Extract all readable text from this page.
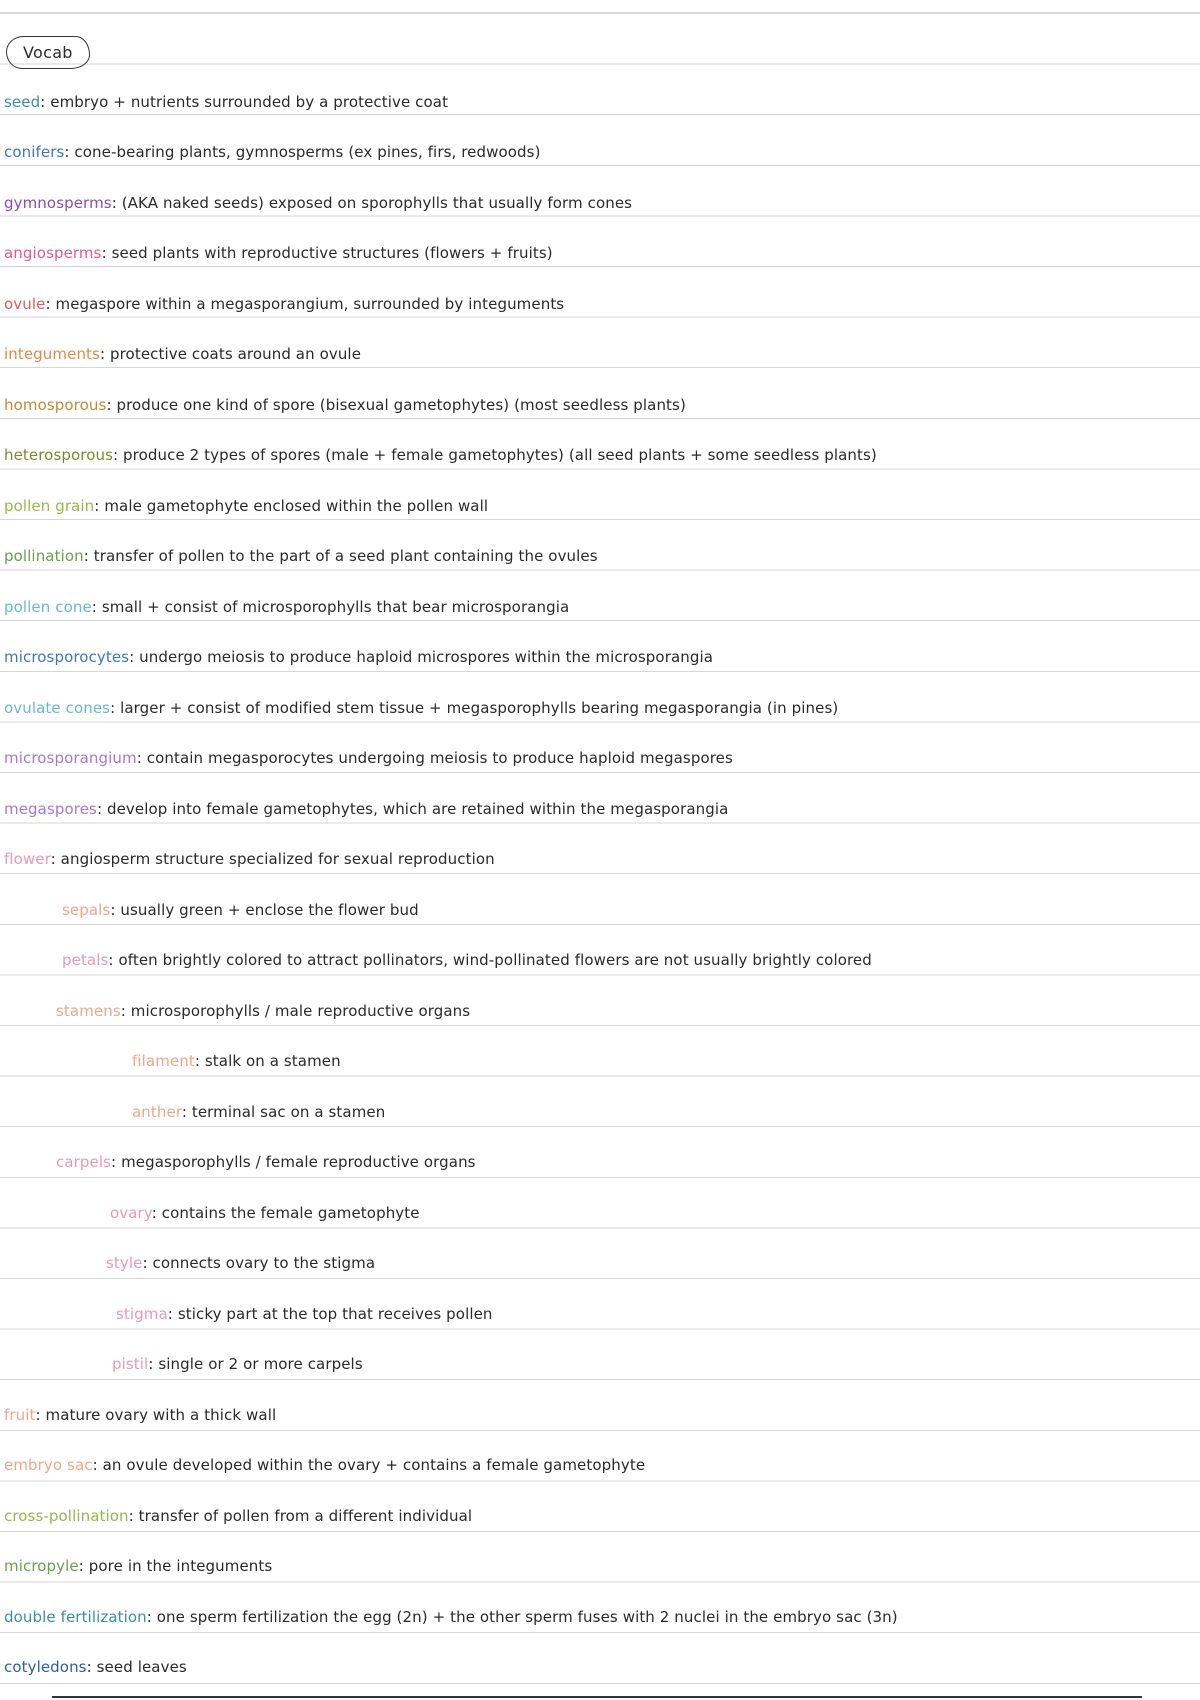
Vocab
seed: embryo + nutrients surrounded by a protective coat
conifers: cone-bearing plants, gymnosperms (ex pines, firs, redwoods)
gymnosperms: (AKA naked seeds) exposed on sporophylls that usually form cones
angiosperms: seed plants with reproductive structures (flowers + fruits)
ovule: megaspore within a megasporangium, surrounded by integuments
integuments: protective coats around an ovule
homosporous: produce one kind of spore (bisexual gametophytes) (most seedless plants)
heterosporous: produce 2 types of spores (male + female gametophytes) (all seed plants + some seedless plants)
pollen grain: male gametophyte enclosed within the pollen wall
pollination: transfer of pollen to the part of a seed plant containing the ovules
pollen cone: small + consist of microsporophylls that bear microsporangia
microsporocytes: undergo meiosis to produce haploid microspores within the microsporangia
ovulate cones: larger + consist of modified stem tissue + megasporophylls bearing megasporangia (in pines)
microsporangium: contain megasporocytes undergoing meiosis to produce haploid megaspores
megaspores: develop into female gametophytes, which are retained within the megasporangia
flower: angiosperm structure specialized for sexual reproduction
sepals: usually green + enclose the flower bud
petals: often brightly colored to attract pollinators, wind-pollinated flowers are not usually brightly colored
stamens: microsporophylls / male reproductive organs
filament: stalk on a stamen
anther: terminal sac on a stamen
carpels: megasporophylls / female reproductive organs
ovary: contains the female gametophyte
style: connects ovary to the stigma
stigma: sticky part at the top that receives pollen
pistil: single or 2 or more carpels
fruit: mature ovary with a thick wall
embryo sac: an ovule developed within the ovary + contains a female gametophyte
cross-pollination: transfer of pollen from a different individual
micropyle: pore in the integuments
double fertilization: one sperm fertilization the egg (2n) + the other sperm fuses with 2 nuclei in the embryo sac (3n)
cotyledons: seed leaves
